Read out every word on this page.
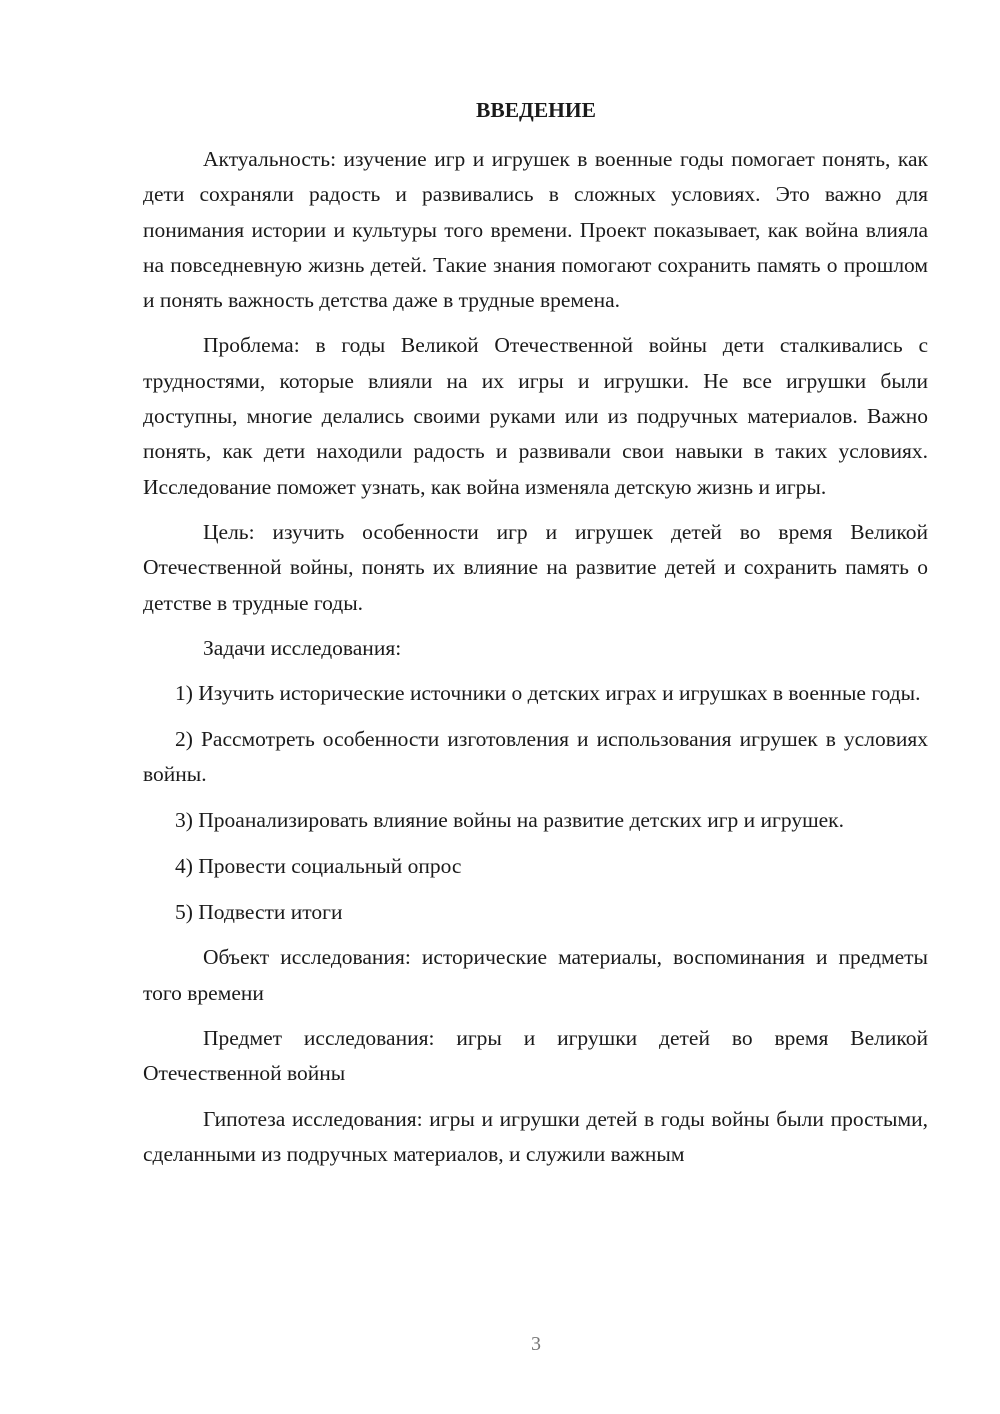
ВВЕДЕНИЕ

Актуальность: изучение игр и игрушек в военные годы помогает понять, как дети сохраняли радость и развивались в сложных условиях. Это важно для понимания истории и культуры того времени. Проект показывает, как война влияла на повседневную жизнь детей. Такие знания помогают сохранить память о прошлом и понять важность детства даже в трудные времена.

Проблема: в годы Великой Отечественной войны дети сталкивались с трудностями, которые влияли на их игры и игрушки. Не все игрушки были доступны, многие делались своими руками или из подручных материалов. Важно понять, как дети находили радость и развивали свои навыки в таких условиях. Исследование поможет узнать, как война изменяла детскую жизнь и игры.

Цель: изучить особенности игр и игрушек детей во время Великой Отечественной войны, понять их влияние на развитие детей и сохранить память о детстве в трудные годы.

Задачи исследования:

1) Изучить исторические источники о детских играх и игрушках в военные годы.

2) Рассмотреть особенности изготовления и использования игрушек в условиях войны.

3) Проанализировать влияние войны на развитие детских игр и игрушек.

4) Провести социальный опрос

5) Подвести итоги

Объект исследования: исторические материалы, воспоминания и предметы того времени

Предмет исследования: игры и игрушки детей во время Великой Отечественной войны

Гипотеза исследования: игры и игрушки детей в годы войны были простыми, сделанными из подручных материалов, и служили важным

3
